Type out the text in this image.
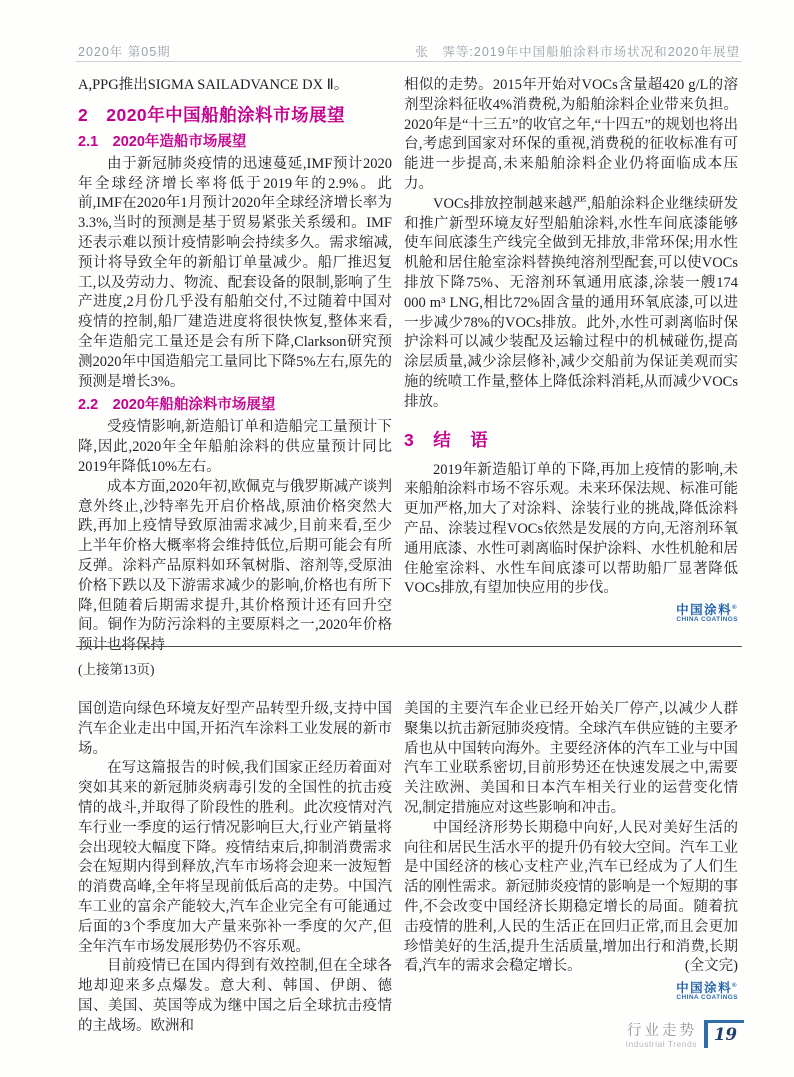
2020年 第05期	张　霁等:2019年中国船舶涂料市场状况和2020年展望

A,PPG推出SIGMA SAILADVANCE DX Ⅱ。

2　2020年中国船舶涂料市场展望
2.1　2020年造船市场展望

由于新冠肺炎疫情的迅速蔓延,IMF预计2020年全球经济增长率将低于2019年的2.9%。此前,IMF在2020年1月预计2020年全球经济增长率为3.3%,当时的预测是基于贸易紧张关系缓和。IMF还表示难以预计疫情影响会持续多久。需求缩减,预计将导致全年的新船订单量减少。船厂推迟复工,以及劳动力、物流、配套设备的限制,影响了生产进度,2月份几乎没有船舶交付,不过随着中国对疫情的控制,船厂建造进度将很快恢复,整体来看,全年造船完工量还是会有所下降,Clarkson研究预测2020年中国造船完工量同比下降5%左右,原先的预测是增长3%。

2.2　2020年船舶涂料市场展望

受疫情影响,新造船订单和造船完工量预计下降,因此,2020年全年船舶涂料的供应量预计同比2019年降低10%左右。

成本方面,2020年初,欧佩克与俄罗斯减产谈判意外终止,沙特率先开启价格战,原油价格突然大跌,再加上疫情导致原油需求减少,目前来看,至少上半年价格大概率将会维持低位,后期可能会有所反弹。涂料产品原料如环氧树脂、溶剂等,受原油价格下跌以及下游需求减少的影响,价格也有所下降,但随着后期需求提升,其价格预计还有回升空间。铜作为防污涂料的主要原料之一,2020年价格预计也将保持

相似的走势。2015年开始对VOCs含量超420 g/L的溶剂型涂料征收4%消费税,为船舶涂料企业带来负担。2020年是“十三五”的收官之年,“十四五”的规划也将出台,考虑到国家对环保的重视,消费税的征收标准有可能进一步提高,未来船舶涂料企业仍将面临成本压力。

VOCs排放控制越来越严,船舶涂料企业继续研发和推广新型环境友好型船舶涂料,水性车间底漆能够使车间底漆生产线完全做到无排放,非常环保;用水性机舱和居住舱室涂料替换纯溶剂型配套,可以使VOCs排放下降75%、无溶剂环氧通用底漆,涂装一艘174 000 m³ LNG,相比72%固含量的通用环氧底漆,可以进一步减少78%的VOCs排放。此外,水性可剥离临时保护涂料可以减少装配及运输过程中的机械碰伤,提高涂层质量,减少涂层修补,减少交船前为保证美观而实施的统喷工作量,整体上降低涂料消耗,从而减少VOCs排放。

3　结　语

2019年新造船订单的下降,再加上疫情的影响,未来船舶涂料市场不容乐观。未来环保法规、标准可能更加严格,加大了对涂料、涂装行业的挑战,降低涂料产品、涂装过程VOCs依然是发展的方向,无溶剂环氧通用底漆、水性可剥离临时保护涂料、水性机舱和居住舱室涂料、水性车间底漆可以帮助船厂显著降低VOCs排放,有望加快应用的步伐。

中国涂料®
CHINA COATINGS
(上接第13页)

国创造向绿色环境友好型产品转型升级,支持中国汽车企业走出中国,开拓汽车涂料工业发展的新市场。

在写这篇报告的时候,我们国家正经历着面对突如其来的新冠肺炎病毒引发的全国性的抗击疫情的战斗,并取得了阶段性的胜利。此次疫情对汽车行业一季度的运行情况影响巨大,行业产销量将会出现较大幅度下降。疫情结束后,抑制消费需求会在短期内得到释放,汽车市场将会迎来一波短暂的消费高峰,全年将呈现前低后高的走势。中国汽车工业的富余产能较大,汽车企业完全有可能通过后面的3个季度加大产量来弥补一季度的欠产,但全年汽车市场发展形势仍不容乐观。

目前疫情已在国内得到有效控制,但在全球各地却迎来多点爆发。意大利、韩国、伊朗、德国、美国、英国等成为继中国之后全球抗击疫情的主战场。欧洲和

美国的主要汽车企业已经开始关厂停产,以减少人群聚集以抗击新冠肺炎疫情。全球汽车供应链的主要矛盾也从中国转向海外。主要经济体的汽车工业与中国汽车工业联系密切,目前形势还在快速发展之中,需要关注欧洲、美国和日本汽车相关行业的运营变化情况,制定措施应对这些影响和冲击。

中国经济形势长期稳中向好,人民对美好生活的向往和居民生活水平的提升仍有较大空间。汽车工业是中国经济的核心支柱产业,汽车已经成为了人们生活的刚性需求。新冠肺炎疫情的影响是一个短期的事件,不会改变中国经济长期稳定增长的局面。随着抗击疫情的胜利,人民的生活正在回归正常,而且会更加珍惜美好的生活,提升生活质量,增加出行和消费,长期看,汽车的需求会稳定增长。	(全文完)
中国涂料®
CHINA COATINGS
行业走势
Industrial Trends	19
